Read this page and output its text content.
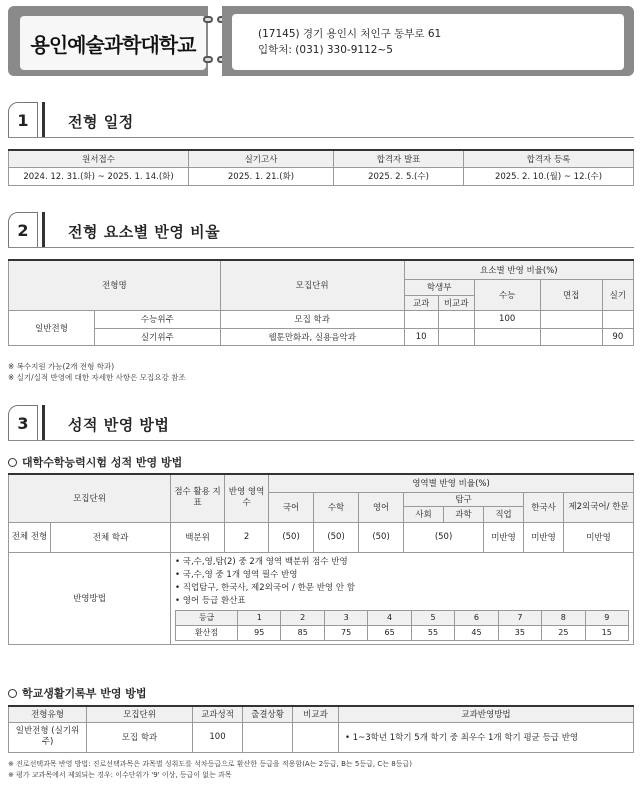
용인예술과학대학교	(17145) 경기 용인시 처인구 동부로 61
입학처: (031) 330-9112~5
1	전형 일정
원서접수	실기고사	합격자 발표	합격자 등록
2024. 12. 31.(화) ~ 2025. 1. 14.(화)	2025. 1. 21.(화)	2025. 2. 5.(수)	2025. 2. 10.(월) ~ 12.(수)
2	전형 요소별 반영 비율
전형명		모집단위	요소별 반영 비율(%)				
			학생부		수능	면접	실기
			교과	비교과			
일반전형	수능위주	모집 학과			100		
	실기위주	웹툰만화과, 실용음악과	10				90
※ 복수지원 가능(2개 전형 학과)
※ 실기/실적 반영에 대한 자세한 사항은 모집요강 참조
3	성적 반영 방법
대학수학능력시험 성적 반영 방법
모집단위	점수 활용 지표	반영 영역수	영역별 반영 비율(%)
국어	수학	영어	탐구	한국사	제2외국어/ 한문
사회	과학	직업
전체 전형	전체 학과	백분위	2	(50)	(50)	(50)	(50)	미반영	미반영	미반영
반영방법	
• 국,수,영,탐(2) 중 2개 영역 백분위 점수 반영
• 국,수,영 중 1개 영역 필수 반영
• 직업탐구, 한국사, 제2외국어 / 한문 반영 안 함
• 영어 등급 환산표
등급	1	2	3	4	5	6	7	8	9
환산점	95	85	75	65	55	45	35	25	15
학교생활기록부 반영 방법
전형유형	모집단위	교과성적	출결상황	비교과	교과반영방법
일반전형 (실기위주)	모집 학과	100			• 1~3학년 1학기 5개 학기 중 최우수 1개 학기 평균 등급 반영
※ 진로선택과목 반영 방법: 진로선택과목은 과목별 성취도를 석차등급으로 환산한 등급을 적용함(A는 2등급, B는 5등급, C는 8등급)
※ 평가 교과목에서 제외되는 경우: 이수단위가 '9' 이상, 등급이 없는 과목
